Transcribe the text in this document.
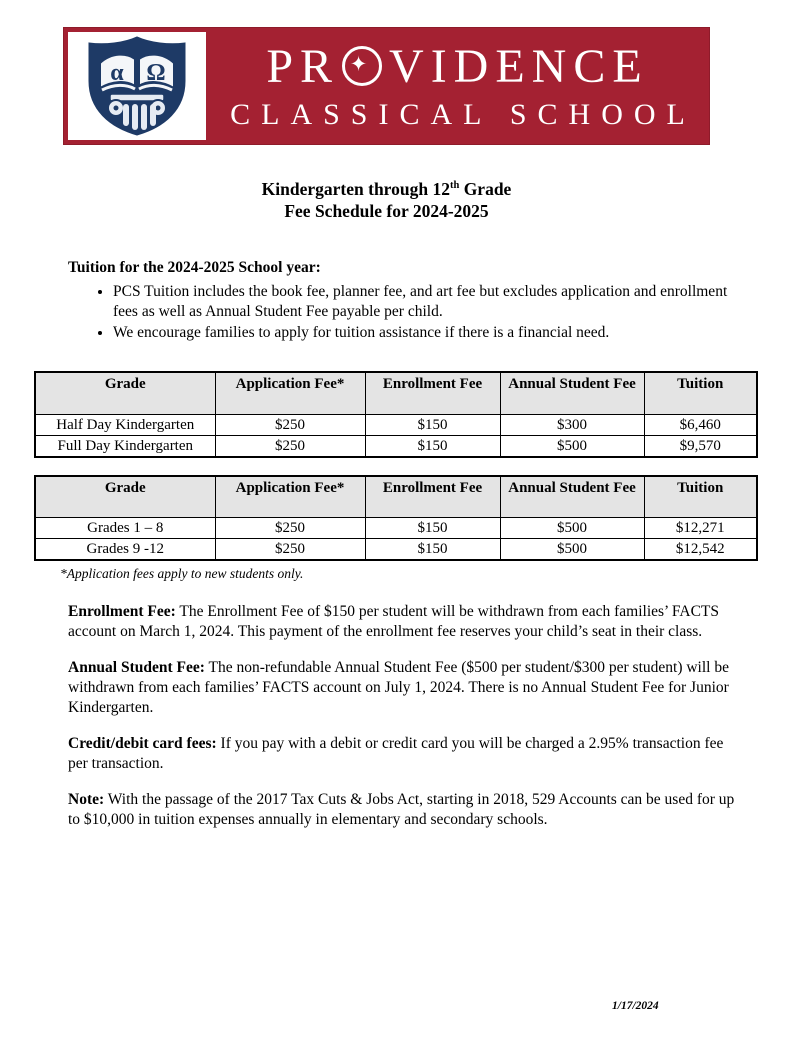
α Ω PR ✦ VIDENCE
CLASSICAL SCHOOL
Kindergarten through 12th Grade
Fee Schedule for 2024-2025
Tuition for the 2024-2025 School year:
• PCS Tuition includes the book fee, planner fee, and art fee but excludes application and enrollment fees as well as Annual Student Fee payable per child.
• We encourage families to apply for tuition assistance if there is a financial need.
Grade	Application Fee*	Enrollment Fee	Annual Student Fee	Tuition
Half Day Kindergarten	$250	$150	$300	$6,460
Full Day Kindergarten	$250	$150	$500	$9,570
Grade	Application Fee*	Enrollment Fee	Annual Student Fee	Tuition
Grades 1 – 8	$250	$150	$500	$12,271
Grades 9 -12	$250	$150	$500	$12,542
*Application fees apply to new students only.

Enrollment Fee: The Enrollment Fee of $150 per student will be withdrawn from each families’ FACTS account on March 1, 2024. This payment of the enrollment fee reserves your child’s seat in their class.

Annual Student Fee: The non-refundable Annual Student Fee ($500 per student/$300 per student) will be withdrawn from each families’ FACTS account on July 1, 2024. There is no Annual Student Fee for Junior Kindergarten.

Credit/debit card fees: If you pay with a debit or credit card you will be charged a 2.95% transaction fee per transaction.

Note: With the passage of the 2017 Tax Cuts & Jobs Act, starting in 2018, 529 Accounts can be used for up to $10,000 in tuition expenses annually in elementary and secondary schools.

1/17/2024
